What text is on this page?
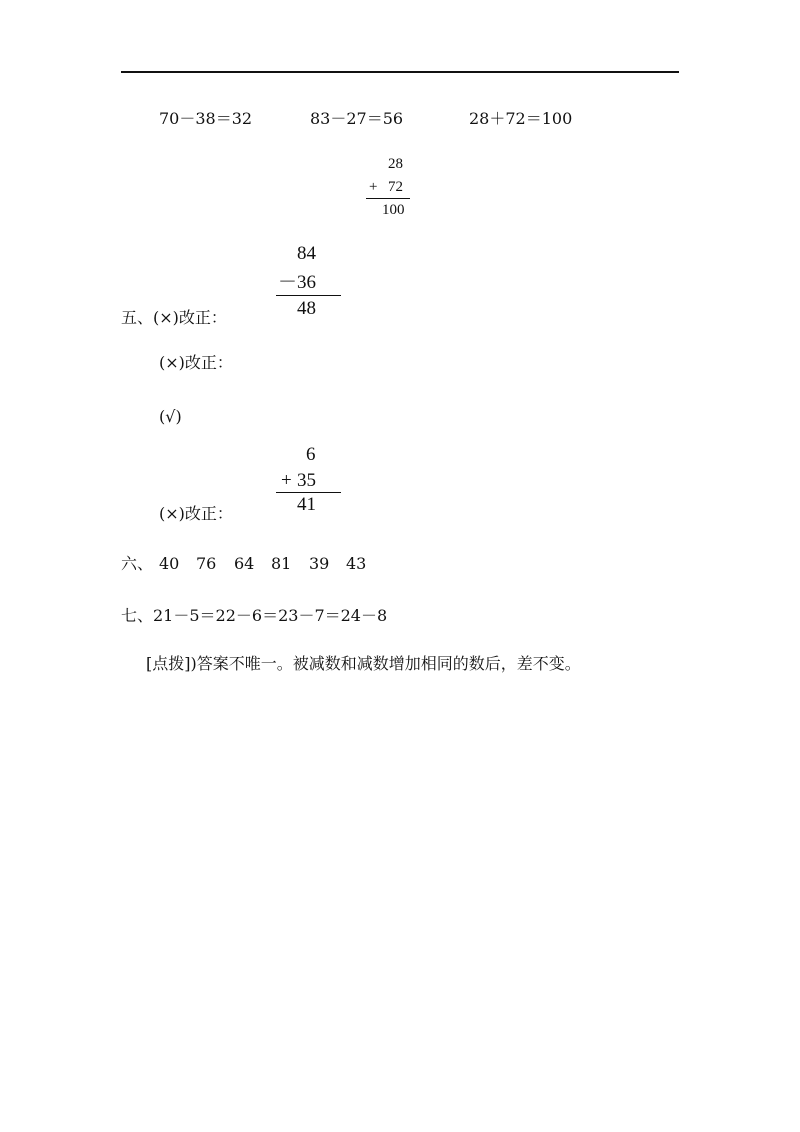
70－38＝32	83－27＝56	28＋72＝100
28
+ 72
100
84
－ 36
48
五、(×)改正：
(×)改正：
(√)
6
+ 35
41
(×)改正：
六、 40 76 64 81 39 43
七、21－5＝22－6＝23－7＝24－8
[点拨])答案不唯一。被减数和减数增加相同的数后，差不变。
